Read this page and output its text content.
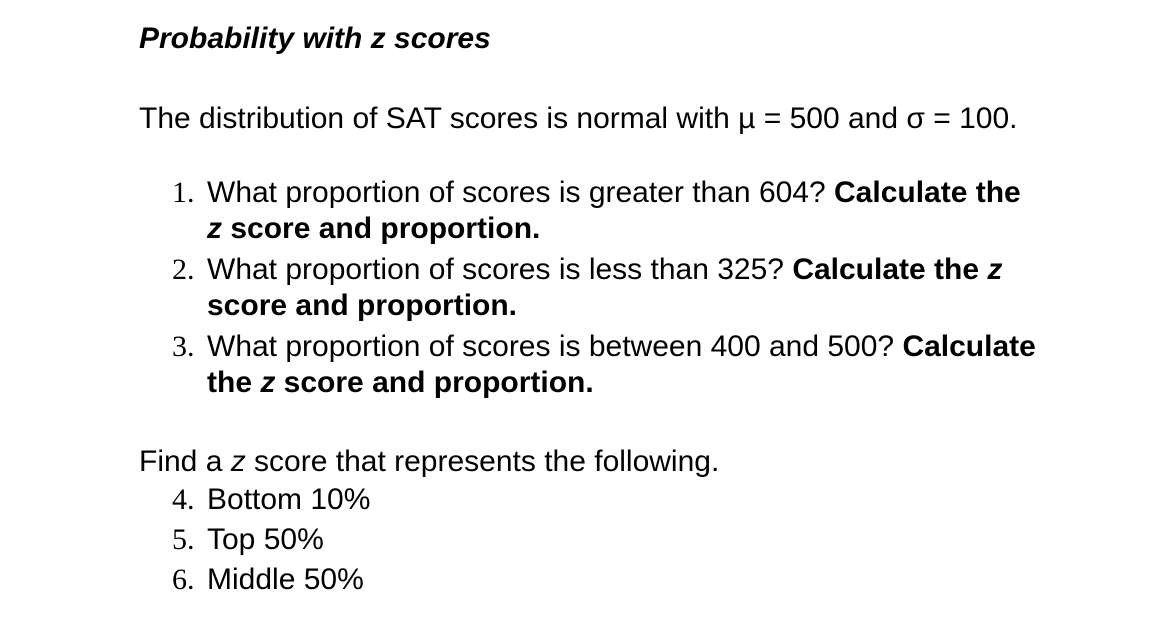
Probability with z scores
The distribution of SAT scores is normal with µ = 500 and σ = 100.
1. What proportion of scores is greater than 604? Calculate the z score and proportion.
2. What proportion of scores is less than 325? Calculate the z score and proportion.
3. What proportion of scores is between 400 and 500? Calculate the z score and proportion.
Find a z score that represents the following.
4. Bottom 10%
5. Top 50%
6. Middle 50%
